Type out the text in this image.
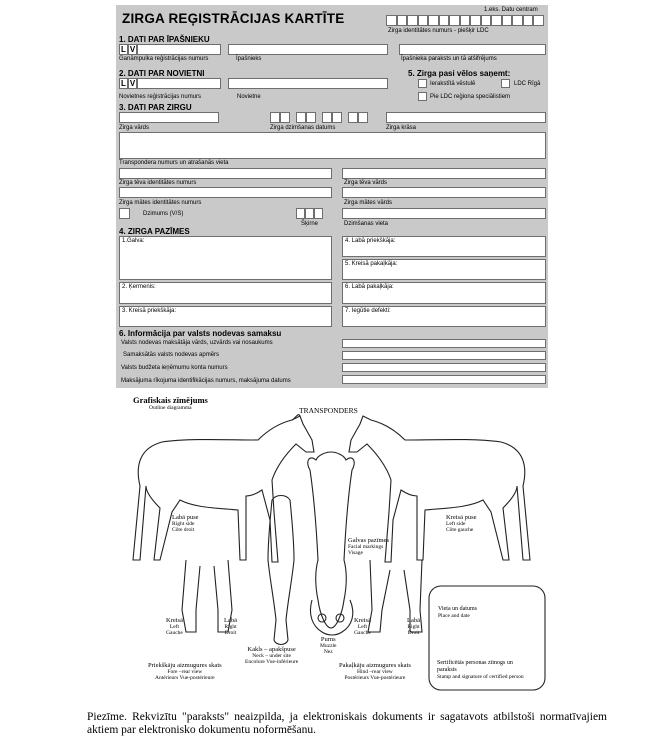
ZIRGA REĢISTRĀCIJAS KARTĪTE
1.eks. Datu centram
Zirga identitātes numurs - piešķir LDC
1. DATI PAR ĪPAŠNIEKU
L V
Ganāmpulka reģistrācijas numurs	Īpašnieks	Īpašnieka paraksts un tā atšifrējums
2. DATI PAR NOVIETNI
L V
Novietnes reģistrācijas numurs	Novietne
5. Zirga pasi vēlos saņemt:
Ierakstītā vēstulē	LDC Rīgā
Pie LDC reģiona speciālistiem
3. DATI PAR ZIRGU
Zirga vārds	Zirga dzimšanas datums	Zirga krāsa
Transpondera numurs un atrašanās vieta
Zirga tēva identitātes numurs	Zirga tēva vārds
Zirga mātes identitātes numurs	Zirga mātes vārds
Dzimums (V/S)
Šķirne	Dzimšanas vieta
4. ZIRGA PAZĪMES
1.Galva:
2. Ķermenis:
3. Kreisā priekškāja:
4. Labā priekškāja:
5. Kreisā pakaļkāja:
6. Labā pakaļkāja:
7. Iegūtie defekti:
6. Informācija par valsts nodevas samaksu
Valsts nodevas maksātāja vārds, uzvārds vai nosaukums
Samaksātās valsts nodevas apmērs
Valsts budžeta ieņēmumu konta numurs
Maksājuma rīkojuma identifikācijas numurs, maksājuma datums
Grafiskais zīmējums
Outline diagramma	TRANSPONDERS
Labā puse
Right side
Côte droit
Kreisā puse
Left side
Côte gauche
Galvas pazīmes
Facial markings
Visage
Kreisā
Left
Gauche
Labā
Right
Droit
Kakls – apakšpuse
Neck – under site
Encolure Vue-inférieure
Purns
Muzzle
Nez
Kreisā
Left
Gauche
Labā
Right
Droit
Priekškāju aizmugures skats
Fore –rear view
Antérieurs Vue-postérieure
Pakaļkāju aizmugures skats
Hind –rear view
Postérieurs Vue-postérieure
Vieta un datums
Place and date
Sertificētās personas zīmogs un
paraksts
Stamp and signature of certified person
Piezīme. Rekvizītu "paraksts" neaizpilda, ja elektroniskais dokuments ir sagatavots atbilstoši normatīvajiem aktiem par elektronisko dokumentu noformēšanu.
